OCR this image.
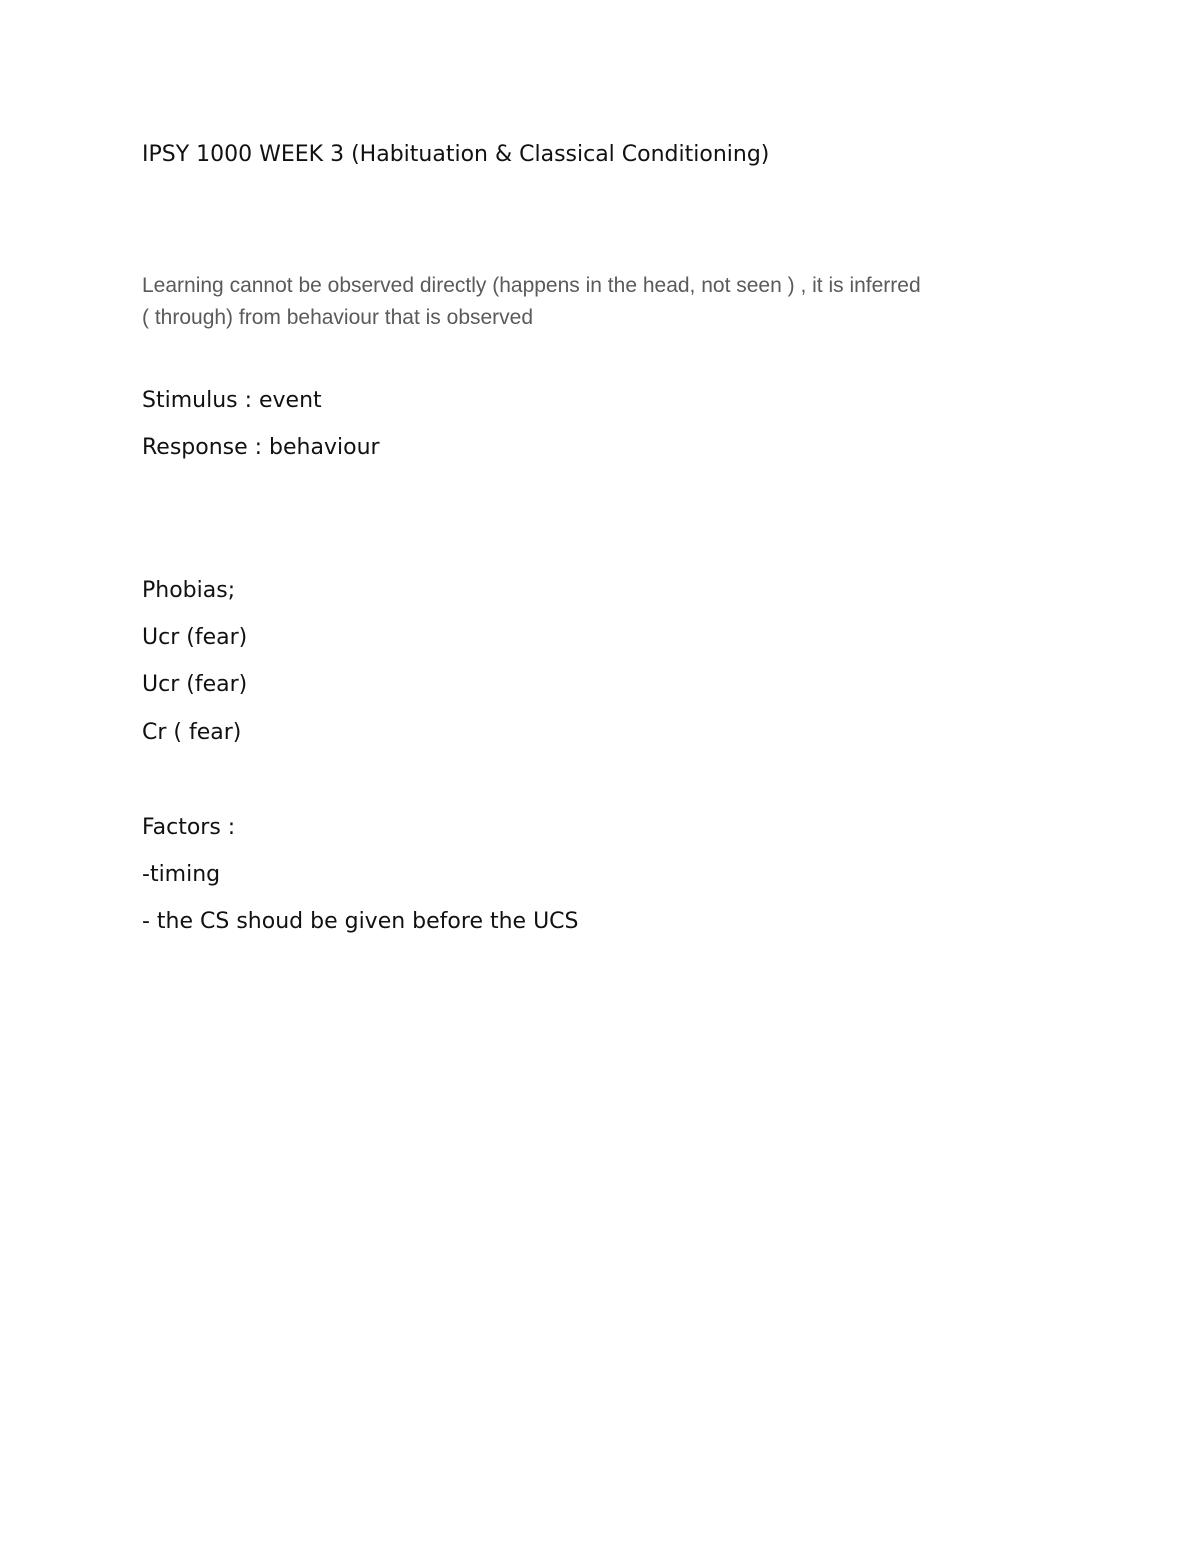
IPSY 1000 WEEK 3 (Habituation & Classical Conditioning)
Learning cannot be observed directly (happens in the head, not seen ) , it is inferred
( through) from behaviour that is observed
Stimulus : event
Response : behaviour
Phobias;
Ucr (fear)
Ucr (fear)
Cr ( fear)
Factors :
-timing
- the CS shoud be given before the UCS
